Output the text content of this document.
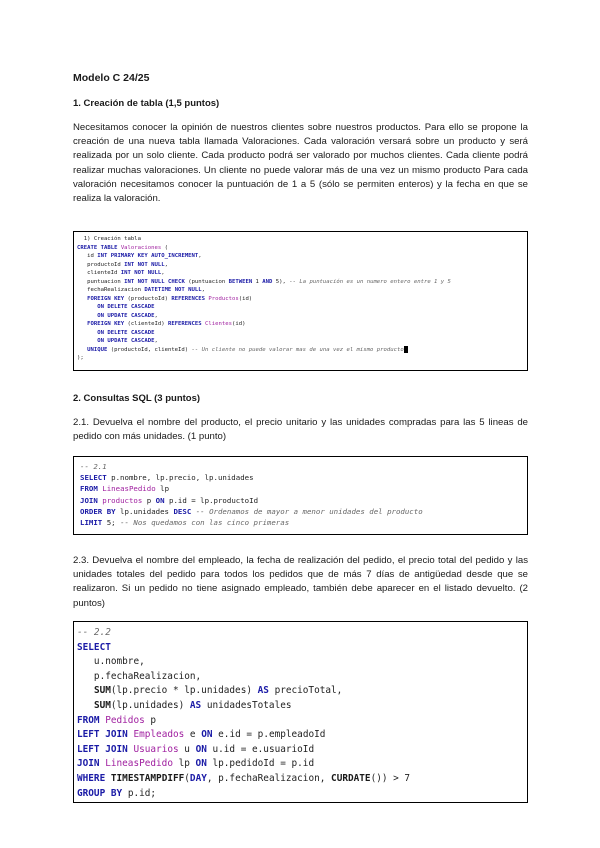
Modelo C 24/25
1. Creación de tabla (1,5 puntos)

Necesitamos conocer la opinión de nuestros clientes sobre nuestros productos. Para ello se propone la creación de una nueva tabla llamada Valoraciones. Cada valoración versará sobre un producto y será realizada por un solo cliente. Cada producto podrá ser valorado por muchos clientes. Cada cliente podrá realizar muchas valoraciones. Un cliente no puede valorar más de una vez un mismo producto Para cada valoración necesitamos conocer la puntuación de 1 a 5 (sólo se permiten enteros) y la fecha en que se realiza la valoración.

1) Creación tabla
CREATE TABLE Valoraciones (
id INT PRIMARY KEY AUTO_INCREMENT,
productoId INT NOT NULL,
clienteId INT NOT NULL,
puntuacion INT NOT NULL CHECK (puntuacion BETWEEN 1 AND 5), -- La puntuación es un numero entero entre 1 y 5
fechaRealizacion DATETIME NOT NULL,
FOREIGN KEY (productoId) REFERENCES Productos(id)
ON DELETE CASCADE
ON UPDATE CASCADE,
FOREIGN KEY (clienteId) REFERENCES Clientes(id)
ON DELETE CASCADE
ON UPDATE CASCADE,
UNIQUE (productoId, clienteId) -- Un cliente no puede valorar mas de una vez el mismo producto
);
2. Consultas SQL (3 puntos)

2.1. Devuelva el nombre del producto, el precio unitario y las unidades compradas para las 5 lineas de pedido con más unidades. (1 punto)

-- 2.1
SELECT p.nombre, lp.precio, lp.unidades
FROM LineasPedido lp
JOIN productos p ON p.id = lp.productoId
ORDER BY lp.unidades DESC -- Ordenamos de mayor a menor unidades del producto
LIMIT 5; -- Nos quedamos con las cinco primeras

2.3. Devuelva el nombre del empleado, la fecha de realización del pedido, el precio total del pedido y las unidades totales del pedido para todos los pedidos que de más 7 días de antigüedad desde que se realizaron. Si un pedido no tiene asignado empleado, también debe aparecer en el listado devuelto. (2 puntos)

-- 2.2
SELECT
u.nombre,
p.fechaRealizacion,
SUM(lp.precio * lp.unidades) AS precioTotal,
SUM(lp.unidades) AS unidadesTotales
FROM Pedidos p
LEFT JOIN Empleados e ON e.id = p.empleadoId
LEFT JOIN Usuarios u ON u.id = e.usuarioId
JOIN LineasPedido lp ON lp.pedidoId = p.id
WHERE TIMESTAMPDIFF(DAY, p.fechaRealizacion, CURDATE()) > 7
GROUP BY p.id;
